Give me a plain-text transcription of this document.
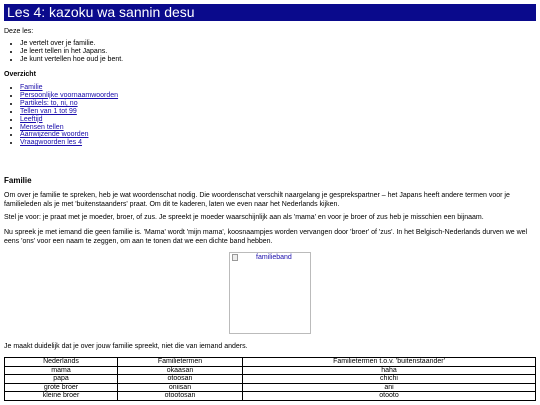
Les 4: kazoku wa sannin desu
Deze les:
• Je vertelt over je familie.
• Je leert tellen in het Japans.
• Je kunt vertellen hoe oud je bent.
Overzicht
• Familie
• Persoonlijke voornaamwoorden
• Partikels: to, ni, no
• Tellen van 1 tot 99
• Leeftijd
• Mensen tellen
• Aanwijzende woorden
• Vraagwoorden les 4
Familie

Om over je familie te spreken, heb je wat woordenschat nodig. Die woordenschat verschilt naargelang je gesprekspartner – het Japans heeft andere termen voor je familieleden als je met 'buitenstaanders' praat. Om dit te kaderen, laten we even naar het Nederlands kijken.

Stel je voor: je praat met je moeder, broer, of zus. Je spreekt je moeder waarschijnlijk aan als 'mama' en voor je broer of zus heb je misschien een bijnaam.

Nu spreek je met iemand die geen familie is. 'Mama' wordt 'mijn mama', koosnaampjes worden vervangen door 'broer' of 'zus'. In het Belgisch-Nederlands durven we wel eens 'ons' voor een naam te zeggen, om aan te tonen dat we een dichte band hebben.

familieband

Je maakt duidelijk dat je over jouw familie spreekt, niet die van iemand anders.

Nederlands	Familietermen	Familietermen t.o.v. 'buitenstaander'
mama	okaasan	haha
papa	otoosan	chichi
grote broer	oniisan	ani
kleine broer	otootosan	otooto
